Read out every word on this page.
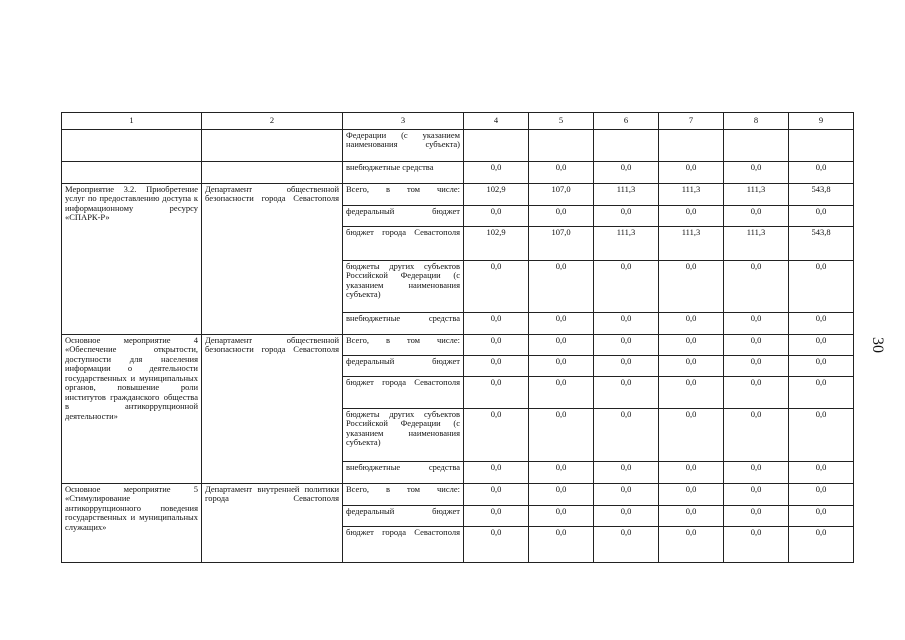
1	2	3	4	5	6	7	8	9
		Федерации (с указанием наименования субъекта)						
		внебюджетные средства	0,0	0,0	0,0	0,0	0,0	0,0
Мероприятие 3.2. Приобретение услуг по предоставлению доступа к информационному ресурсу «СПАРК-Р»	Департамент общественной безопасности города Севастополя	Всего, в том числе:	102,9	107,0	111,3	111,3	111,3	543,8
		федеральный бюджет	0,0	0,0	0,0	0,0	0,0	0,0
		бюджет города Севастополя	102,9	107,0	111,3	111,3	111,3	543,8
		бюджеты других субъектов Российской Федерации (с указанием наименования субъекта)	0,0	0,0	0,0	0,0	0,0	0,0
		внебюджетные средства	0,0	0,0	0,0	0,0	0,0	0,0
Основное мероприятие 4 «Обеспечение открытости, доступности для населения информации о деятельности государственных и муниципальных органов, повышение роли институтов гражданского общества в антикоррупционной деятельности»	Департамент общественной безопасности города Севастополя	Всего, в том числе:	0,0	0,0	0,0	0,0	0,0	0,0
		федеральный бюджет	0,0	0,0	0,0	0,0	0,0	0,0
		бюджет города Севастополя	0,0	0,0	0,0	0,0	0,0	0,0
		бюджеты других субъектов Российской Федерации (с указанием наименования субъекта)	0,0	0,0	0,0	0,0	0,0	0,0
		внебюджетные средства	0,0	0,0	0,0	0,0	0,0	0,0
Основное мероприятие 5 «Стимулирование антикоррупционного поведения государственных и муниципальных служащих»	Департамент внутренней политики города Севастополя	Всего, в том числе:	0,0	0,0	0,0	0,0	0,0	0,0
		федеральный бюджет	0,0	0,0	0,0	0,0	0,0	0,0
		бюджет города Севастополя	0,0	0,0	0,0	0,0	0,0	0,0
30
